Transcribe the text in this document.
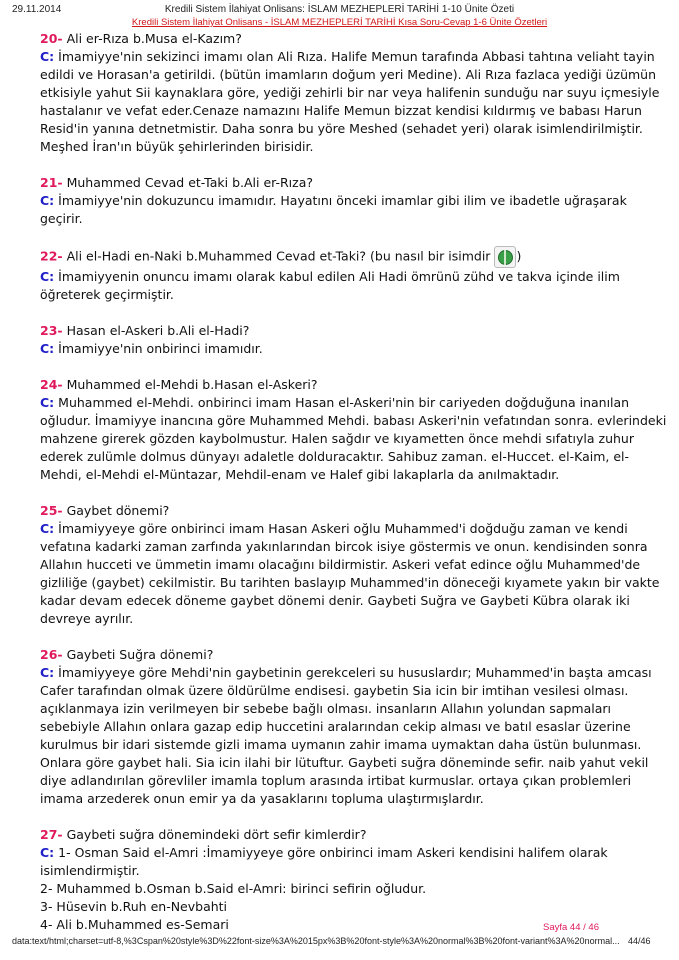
29.11.2014	Kredili Sistem İlahiyat Onlisans: İSLAM MEZHEPLERİ TARİHİ 1-10 Ünite Özeti
Kredili Sistem İlahiyat Onlisans - İSLAM MEZHEPLERİ TARİHİ Kısa Soru-Cevap 1-6 Ünite Özetleri

20- Ali er-Rıza b.Musa el-Kazım?

C: İmamiyye'nin sekizinci imamı olan Ali Rıza. Halife Memun tarafında Abbasi tahtına veliaht tayin edildi ve Horasan'a getirildi. (bütün imamların doğum yeri Medine). Ali Rıza fazlaca yediği üzümün etkisiyle yahut Sii kaynaklara göre, yediği zehirli bir nar veya halifenin sunduğu nar suyu içmesiyle hastalanır ve vefat eder.Cenaze namazını Halife Memun bizzat kendisi kıldırmış ve babası Harun Resid'in yanına detnetmistir. Daha sonra bu yöre Meshed (sehadet yeri) olarak isimlendirilmiştir. Meşhed İran'ın büyük şehirlerinden birisidir.

21- Muhammed Cevad et-Taki b.Ali er-Rıza?

C: İmamiyye'nin dokuzuncu imamıdır. Hayatını önceki imamlar gibi ilim ve ibadetle uğraşarak geçirir.

22- Ali el-Hadi en-Naki b.Muhammed Cevad et-Taki? (bu nasıl bir isimdir )

C: İmamiyyenin onuncu imamı olarak kabul edilen Ali Hadi ömrünü zühd ve takva içinde ilim öğreterek geçirmiştir.

23- Hasan el-Askeri b.Ali el-Hadi?

C: İmamiyye'nin onbirinci imamıdır.

24- Muhammed el-Mehdi b.Hasan el-Askeri?

C: Muhammed el-Mehdi. onbirinci imam Hasan el-Askeri'nin bir cariyeden doğduğuna inanılan oğludur. İmamiyye inancına göre Muhammed Mehdi. babası Askeri'nin vefatından sonra. evlerindeki mahzene girerek gözden kaybolmustur. Halen sağdır ve kıyametten önce mehdi sıfatıyla zuhur ederek zulümle dolmus dünyayı adaletle dolduracaktır. Sahibuz zaman. el-Huccet. el-Kaim, el-Mehdi, el-Mehdi el-Müntazar, Mehdil-enam ve Halef gibi lakaplarla da anılmaktadır.

25- Gaybet dönemi?

C: İmamiyyeye göre onbirinci imam Hasan Askeri oğlu Muhammed'i doğduğu zaman ve kendi vefatına kadarki zaman zarfında yakınlarından bircok isiye göstermis ve onun. kendisinden sonra Allahın hucceti ve ümmetin imamı olacağını bildirmistir. Askeri vefat edince oğlu Muhammed'de gizliliğe (gaybet) cekilmistir. Bu tarihten baslayıp Muhammed'in döneceği kıyamete yakın bir vakte kadar devam edecek döneme gaybet dönemi denir. Gaybeti Suğra ve Gaybeti Kübra olarak iki devreye ayrılır.

26- Gaybeti Suğra dönemi?

C: İmamiyyeye göre Mehdi'nin gaybetinin gerekceleri su hususlardır; Muhammed'in başta amcası Cafer tarafından olmak üzere öldürülme endisesi. gaybetin Sia icin bir imtihan vesilesi olması. açıklanmaya izin verilmeyen bir sebebe bağlı olması. insanların Allahın yolundan sapmaları sebebiyle Allahın onlara gazap edip huccetini aralarından cekip alması ve batıl esaslar üzerine kurulmus bir idari sistemde gizli imama uymanın zahir imama uymaktan daha üstün bulunması. Onlara göre gaybet hali. Sia icin ilahi bir lütuftur. Gaybeti suğra döneminde sefir. naib yahut vekil diye adlandırılan görevliler imamla toplum arasında irtibat kurmuslar. ortaya çıkan problemleri imama arzederek onun emir ya da yasaklarını topluma ulaştırmışlardır.

27- Gaybeti suğra dönemindeki dört sefir kimlerdir?

C: 1- Osman Said el-Amri :İmamiyyeye göre onbirinci imam Askeri kendisini halifem olarak isimlendirmiştir.

2- Muhammed b.Osman b.Said el-Amri: birinci sefirin oğludur.

3- Hüsevin b.Ruh en-Nevbahti

4- Ali b.Muhammed es-Semari	Sayfa 44 / 46
data:text/html;charset=utf-8,%3Cspan%20style%3D%22font-size%3A%2015px%3B%20font-style%3A%20normal%3B%20font-variant%3A%20normal... 44/46
